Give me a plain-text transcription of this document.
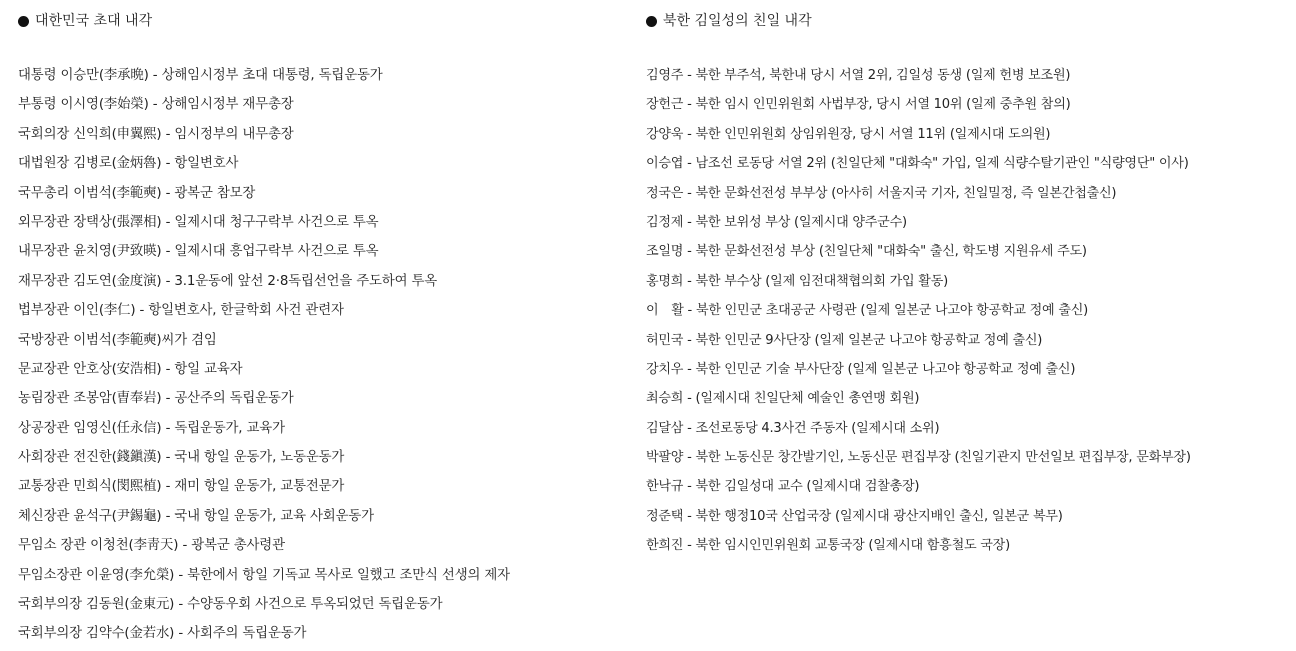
대한민국 초대 내각
대통령 이승만(李承晩) - 상해임시정부 초대 대통령, 독립운동가
부통령 이시영(李始榮) - 상해임시정부 재무총장
국회의장 신익희(申翼熙) - 임시정부의 내무총장
대법원장 김병로(金炳魯) - 항일변호사
국무총리 이범석(李範奭) - 광복군 참모장
외무장관 장택상(張澤相) - 일제시대 청구구락부 사건으로 투옥
내무장관 윤치영(尹致暎) - 일제시대 흥업구락부 사건으로 투옥
재무장관 김도연(金度演) - 3.1운동에 앞선 2·8독립선언을 주도하여 투옥
법부장관 이인(李仁) - 항일변호사, 한글학회 사건 관련자
국방장관 이범석(李範奭)씨가 겸임
문교장관 안호상(安浩相) - 항일 교육자
농림장관 조봉암(曺奉岩) - 공산주의 독립운동가
상공장관 임영신(任永信) - 독립운동가, 교육가
사회장관 전진한(錢鎭漢) - 국내 항일 운동가, 노동운동가
교통장관 민희식(閔熙植) - 재미 항일 운동가, 교통전문가
체신장관 윤석구(尹錫龜) - 국내 항일 운동가, 교육 사회운동가
무임소 장관 이청천(李靑天) - 광복군 총사령관
무임소장관 이윤영(李允榮) - 북한에서 항일 기독교 목사로 일했고 조만식 선생의 제자
국회부의장 김동원(金東元) - 수양동우회 사건으로 투옥되었던 독립운동가
국회부의장 김약수(金若水) - 사회주의 독립운동가
북한 김일성의 친일 내각
김영주 - 북한 부주석, 북한내 당시 서열 2위, 김일성 동생 (일제 헌병 보조원)
장헌근 - 북한 임시 인민위원회 사법부장, 당시 서열 10위 (일제 중추원 참의)
강양욱 - 북한 인민위원회 상임위원장, 당시 서열 11위 (일제시대 도의원)
이승엽 - 남조선 로동당 서열 2위 (친일단체 "대화숙" 가입, 일제 식량수탈기관인 "식량영단" 이사)
정국은 - 북한 문화선전성 부부상 (아사히 서울지국 기자, 친일밀정, 즉 일본간첩출신)
김정제 - 북한 보위성 부상 (일제시대 양주군수)
조일명 - 북한 문화선전성 부상 (친일단체 "대화숙" 출신, 학도병 지원유세 주도)
홍명희 - 북한 부수상 (일제 임전대책협의회 가입 활동)
이　활 - 북한 인민군 초대공군 사령관 (일제 일본군 나고야 항공학교 정예 출신)
허민국 - 북한 인민군 9사단장 (일제 일본군 나고야 항공학교 정예 출신)
강치우 - 북한 인민군 기술 부사단장 (일제 일본군 나고야 항공학교 정예 출신)
최승희 - (일제시대 친일단체 예술인 총연맹 회원)
김달삼 - 조선로동당 4.3사건 주동자 (일제시대 소위)
박팔양 - 북한 노동신문 창간발기인, 노동신문 편집부장 (친일기관지 만선일보 편집부장, 문화부장)
한낙규 - 북한 김일성대 교수 (일제시대 검찰총장)
정준택 - 북한 행정10국 산업국장 (일제시대 광산지배인 출신, 일본군 복무)
한희진 - 북한 임시인민위원회 교통국장 (일제시대 함흥철도 국장)
